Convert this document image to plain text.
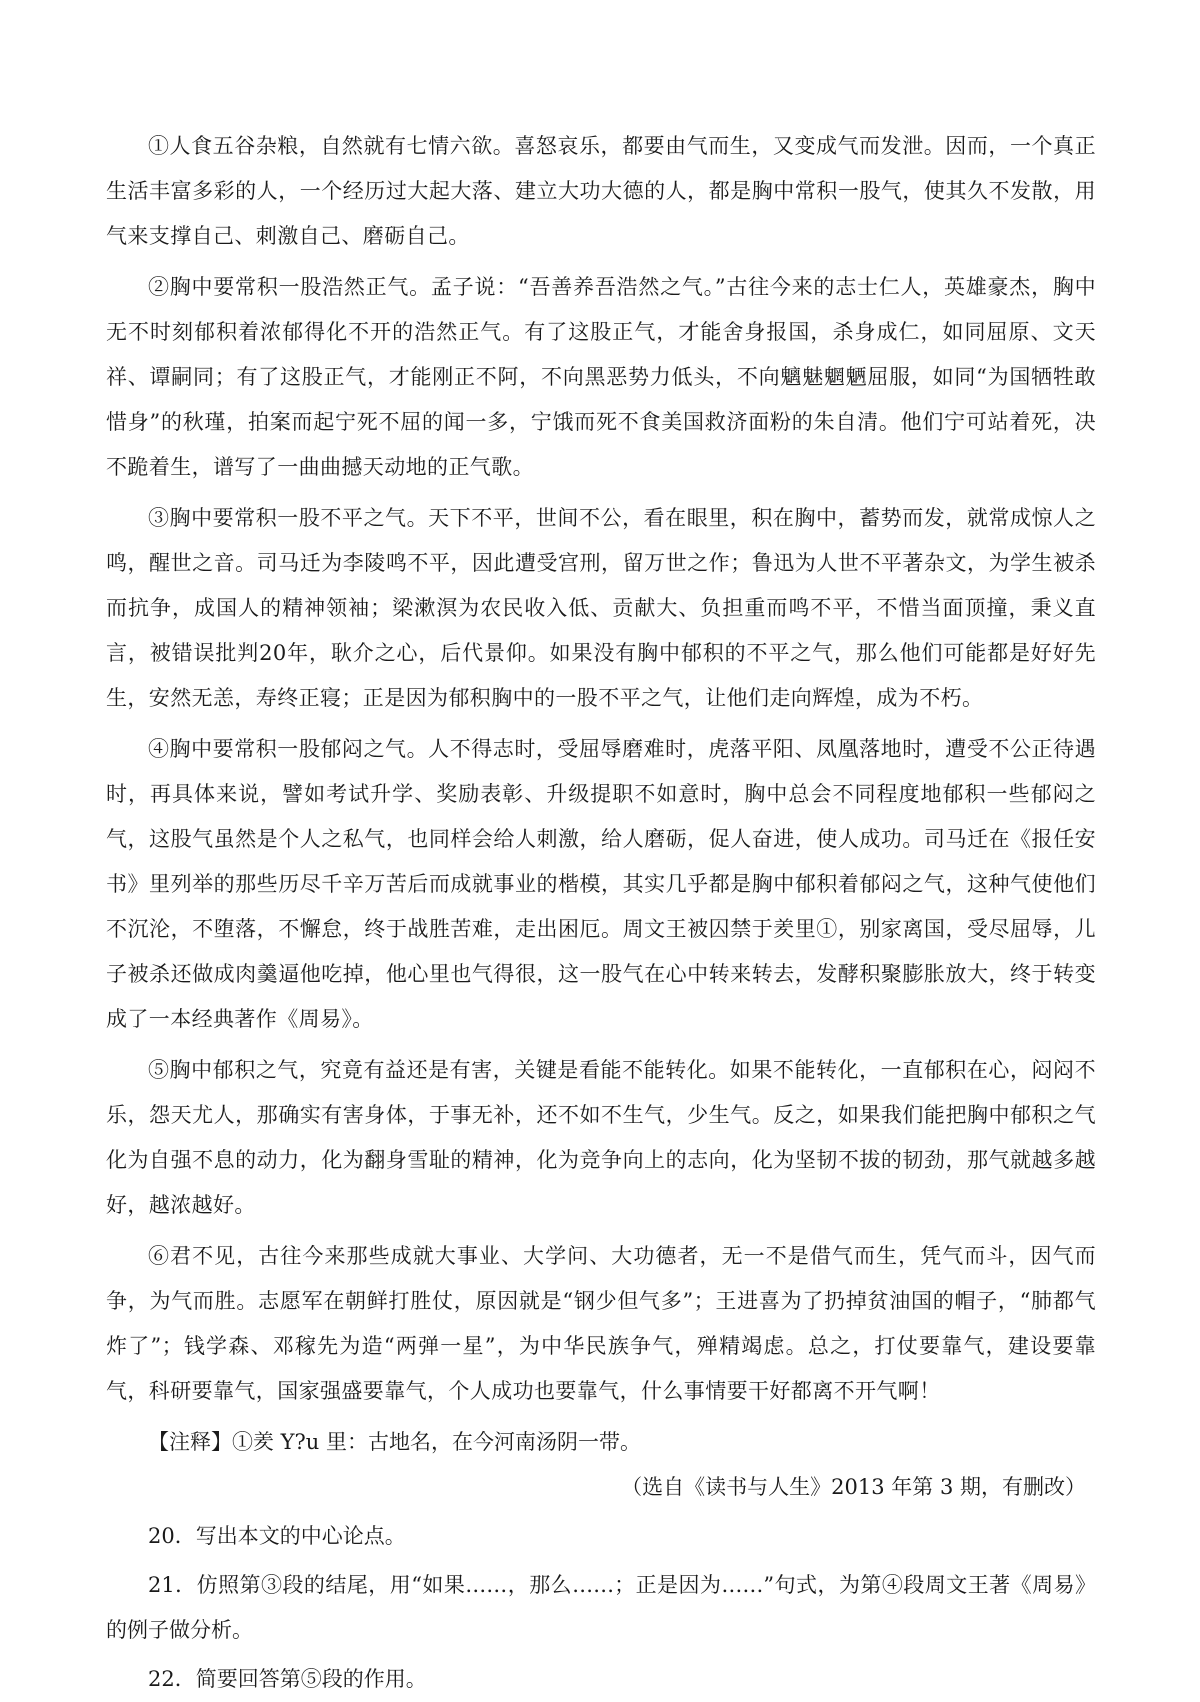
①人食五谷杂粮，自然就有七情六欲。喜怒哀乐，都要由气而生，又变成气而发泄。因而，一个真正生活丰富多彩的人，一个经历过大起大落、建立大功大德的人，都是胸中常积一股气，使其久不发散，用气来支撑自己、刺激自己、磨砺自己。

②胸中要常积一股浩然正气。孟子说：“吾善养吾浩然之气。”古往今来的志士仁人，英雄豪杰，胸中无不时刻郁积着浓郁得化不开的浩然正气。有了这股正气，才能舍身报国，杀身成仁，如同屈原、文天祥、谭嗣同；有了这股正气，才能刚正不阿，不向黑恶势力低头，不向魑魅魍魉屈服，如同“为国牺牲敢惜身”的秋瑾，拍案而起宁死不屈的闻一多，宁饿而死不食美国救济面粉的朱自清。他们宁可站着死，决不跪着生，谱写了一曲曲撼天动地的正气歌。

③胸中要常积一股不平之气。天下不平，世间不公，看在眼里，积在胸中，蓄势而发，就常成惊人之鸣，醒世之音。司马迁为李陵鸣不平，因此遭受宫刑，留万世之作；鲁迅为人世不平著杂文，为学生被杀而抗争，成国人的精神领袖；梁漱溟为农民收入低、贡献大、负担重而鸣不平，不惜当面顶撞，秉义直言，被错误批判20年，耿介之心，后代景仰。如果没有胸中郁积的不平之气，那么他们可能都是好好先生，安然无恙，寿终正寝；正是因为郁积胸中的一股不平之气，让他们走向辉煌，成为不朽。

④胸中要常积一股郁闷之气。人不得志时，受屈辱磨难时，虎落平阳、凤凰落地时，遭受不公正待遇时，再具体来说，譬如考试升学、奖励表彰、升级提职不如意时，胸中总会不同程度地郁积一些郁闷之气，这股气虽然是个人之私气，也同样会给人刺激，给人磨砺，促人奋进，使人成功。司马迁在《报任安书》里列举的那些历尽千辛万苦后而成就事业的楷模，其实几乎都是胸中郁积着郁闷之气，这种气使他们不沉沦，不堕落，不懈怠，终于战胜苦难，走出困厄。周文王被囚禁于羑里①，别家离国，受尽屈辱，儿子被杀还做成肉羹逼他吃掉，他心里也气得很，这一股气在心中转来转去，发酵积聚膨胀放大，终于转变成了一本经典著作《周易》。

⑤胸中郁积之气，究竟有益还是有害，关键是看能不能转化。如果不能转化，一直郁积在心，闷闷不乐，怨天尤人，那确实有害身体，于事无补，还不如不生气，少生气。反之，如果我们能把胸中郁积之气化为自强不息的动力，化为翻身雪耻的精神，化为竞争向上的志向，化为坚韧不拔的韧劲，那气就越多越好，越浓越好。

⑥君不见，古往今来那些成就大事业、大学问、大功德者，无一不是借气而生，凭气而斗，因气而争，为气而胜。志愿军在朝鲜打胜仗，原因就是“钢少但气多”；王进喜为了扔掉贫油国的帽子，“肺都气炸了”；钱学森、邓稼先为造“两弹一星”，为中华民族争气，殚精竭虑。总之，打仗要靠气，建设要靠气，科研要靠气，国家强盛要靠气，个人成功也要靠气，什么事情要干好都离不开气啊！

【注释】①羑 Y?u 里：古地名，在今河南汤阴一带。

（选自《读书与人生》2013 年第 3 期，有删改）

20．写出本文的中心论点。

21．仿照第③段的结尾，用“如果……，那么……；正是因为……”句式，为第④段周文王著《周易》的例子做分析。

22．简要回答第⑤段的作用。
